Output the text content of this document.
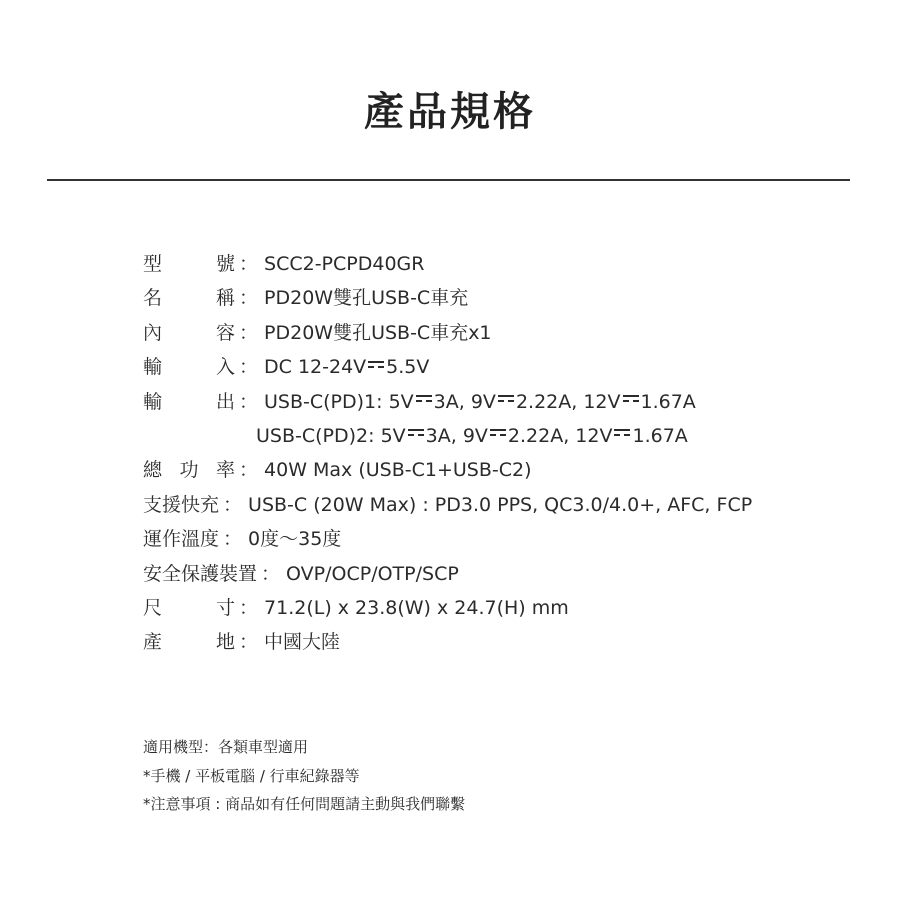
產品規格
型	號 ： SCC2-PCPD40GR
名	稱 ： PD20W雙孔USB-C車充
內	容 ： PD20W雙孔USB-C車充x1
輸	入 ： DC 12-24V 5.5V
輸	出 ： USB-C(PD)1: 5V 3A, 9V 2.22A, 12V 1.67A
USB-C(PD)2: 5V 3A, 9V 2.22A, 12V 1.67A
總 功 率 ： 40W Max (USB-C1+USB-C2)
支援快充 ： USB-C (20W Max) : PD3.0 PPS, QC3.0/4.0+, AFC, FCP
運作溫度 ： 0度～35度
安全保護裝置 ： OVP/OCP/OTP/SCP
尺	寸 ： 71.2(L) x 23.8(W) x 24.7(H) mm
產	地 ： 中國大陸
適用機型：各類車型適用
*手機 / 平板電腦 / 行車紀錄器等
*注意事項 : 商品如有任何問題請主動與我們聯繫
